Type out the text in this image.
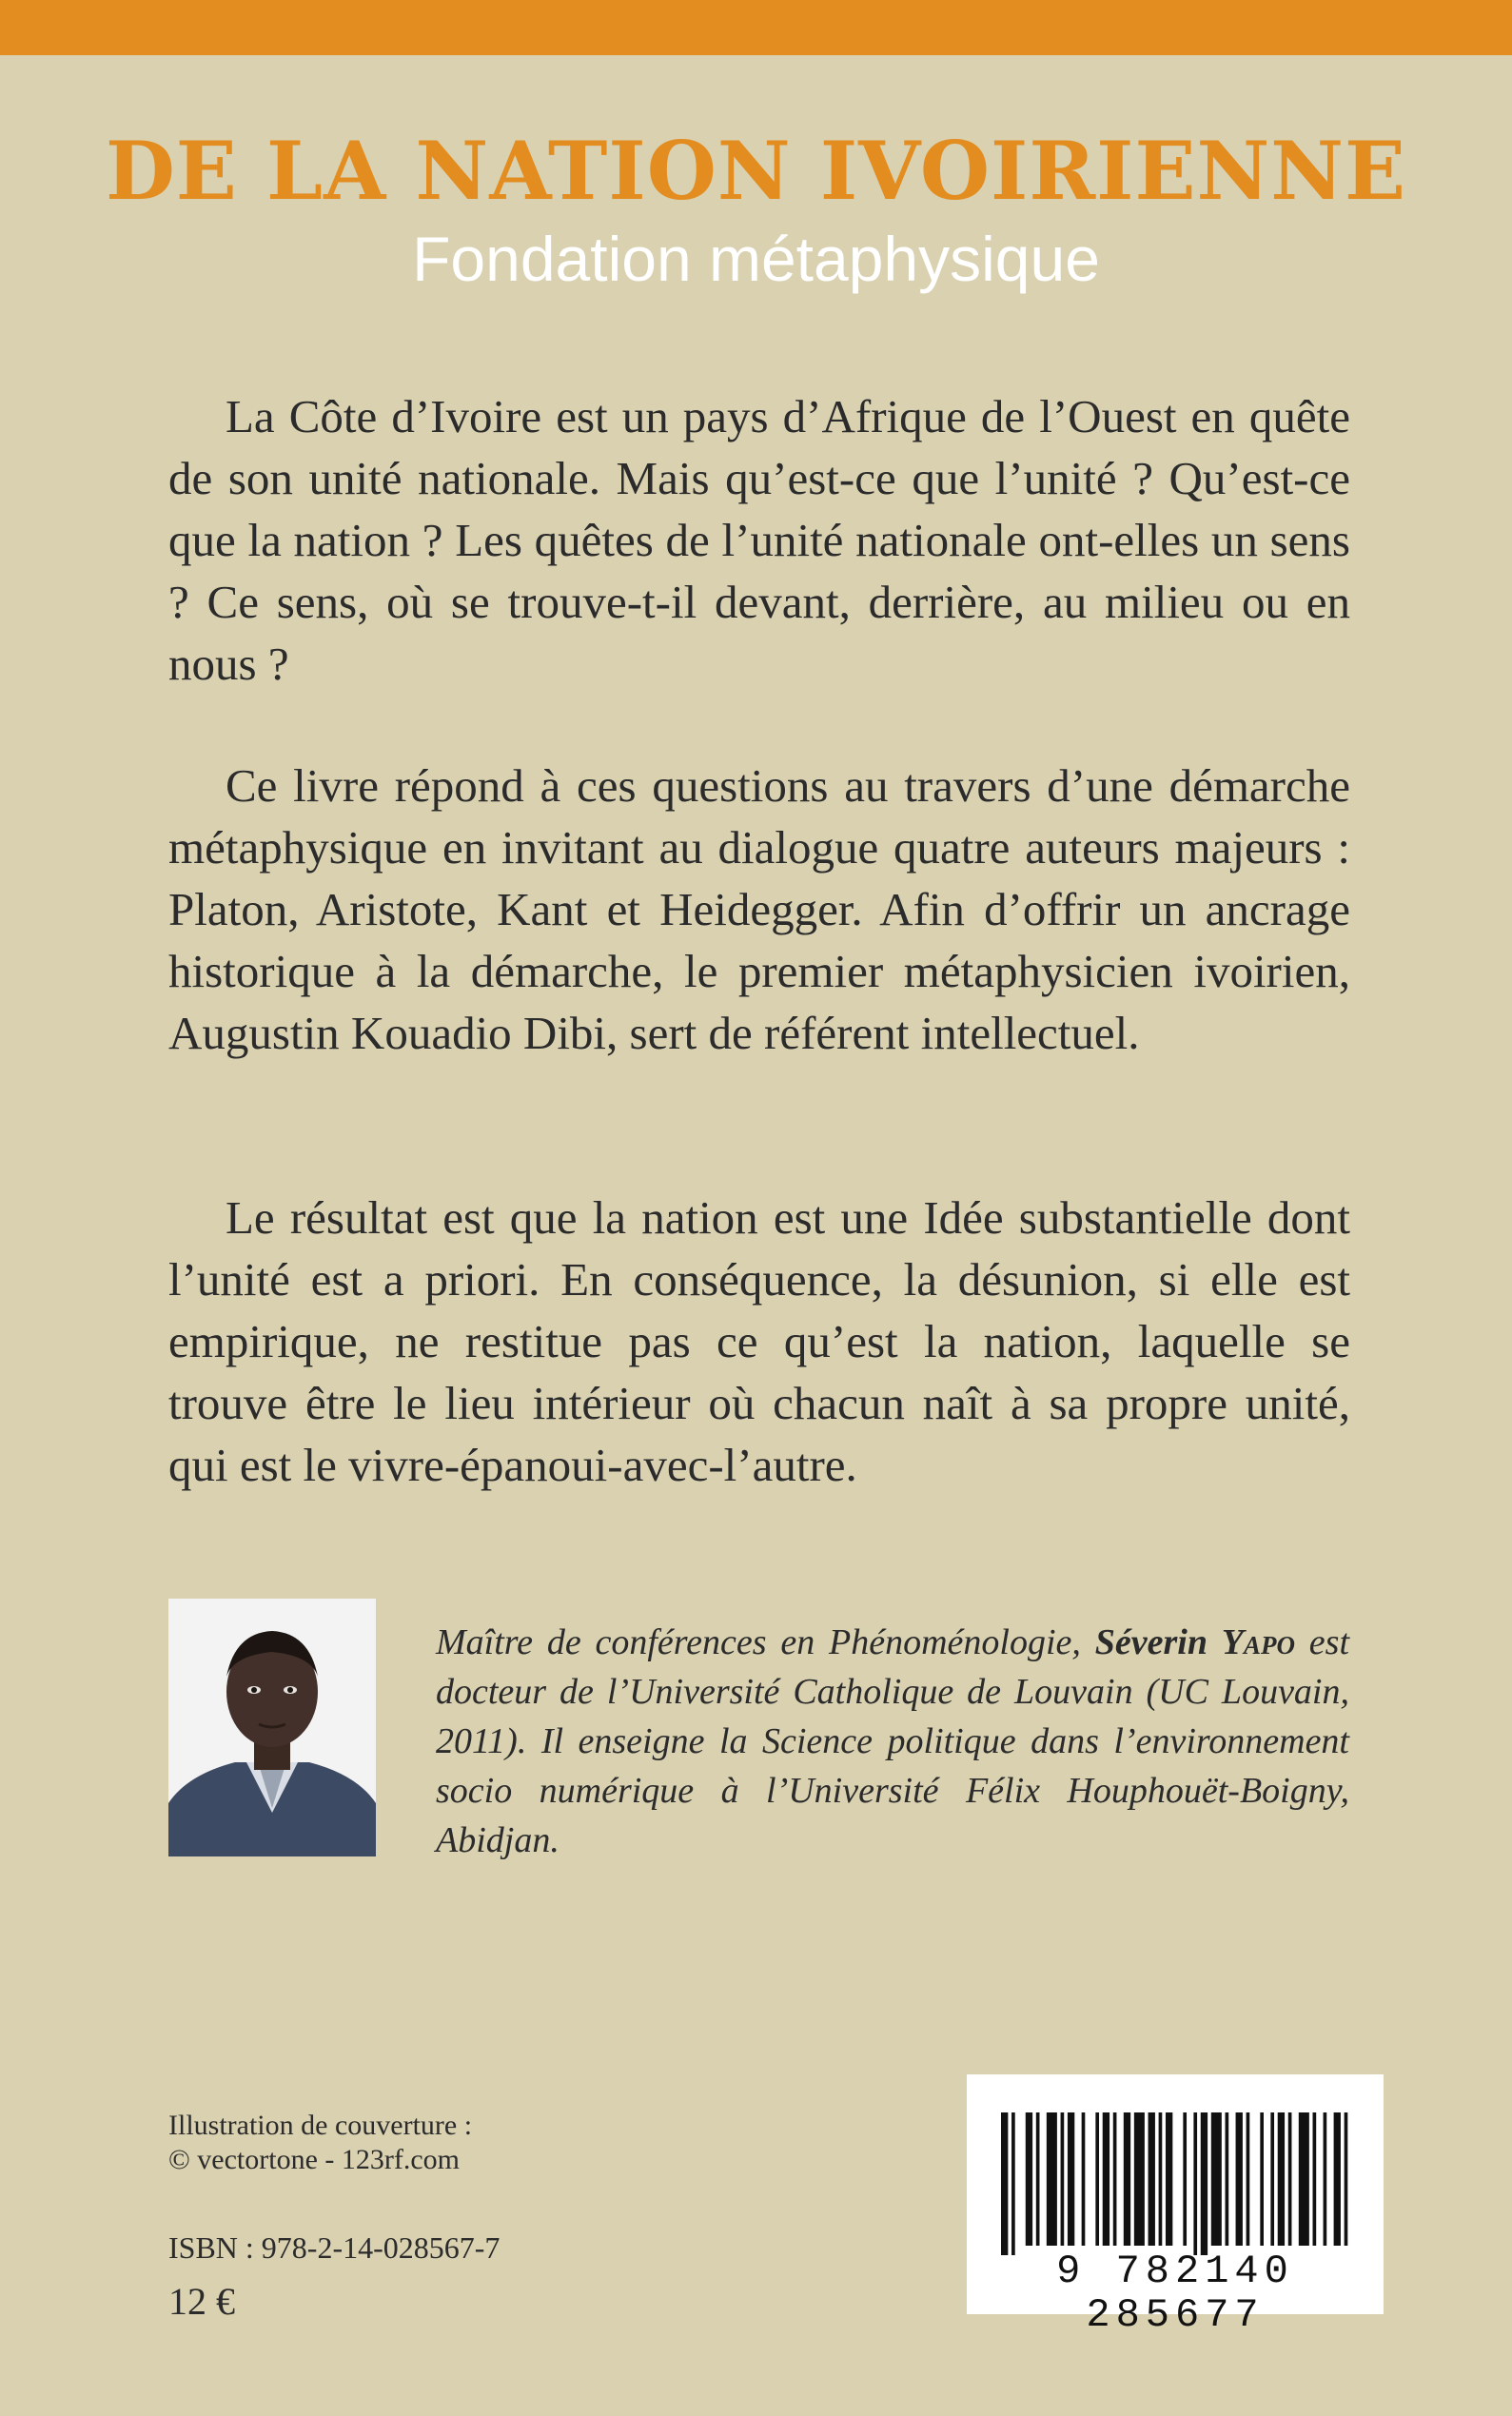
DE LA NATION IVOIRIENNE
Fondation métaphysique

La Côte d’Ivoire est un pays d’Afrique de l’Ouest en quête de son unité nationale. Mais qu’est-ce que l’unité ? Qu’est-ce que la nation ? Les quêtes de l’unité nationale ont-elles un sens ? Ce sens, où se trouve-t-il devant, derrière, au milieu ou en nous ?

Ce livre répond à ces questions au travers d’une démarche métaphysique en invitant au dialogue quatre auteurs majeurs : Platon, Aristote, Kant et Heidegger. Afin d’offrir un ancrage historique à la démarche, le premier métaphysicien ivoirien, Augustin Kouadio Dibi, sert de référent intellectuel.

Le résultat est que la nation est une Idée substantielle dont l’unité est a priori. En conséquence, la désunion, si elle est empirique, ne restitue pas ce qu’est la nation, laquelle se trouve être le lieu intérieur où chacun naît à sa propre unité, qui est le vivre-épanoui-avec-l’autre.

Maître de conférences en Phénoménologie, Séverin Yapo est docteur de l’Université Catholique de Louvain (UC Louvain, 2011). Il enseigne la Science politique dans l’environnement socio numérique à l’Université Félix Houphouët-Boigny, Abidjan.

Illustration de couverture :
© vectortone - 123rf.com
ISBN : 978-2-14-028567-7
12 €
9 782140 285677
